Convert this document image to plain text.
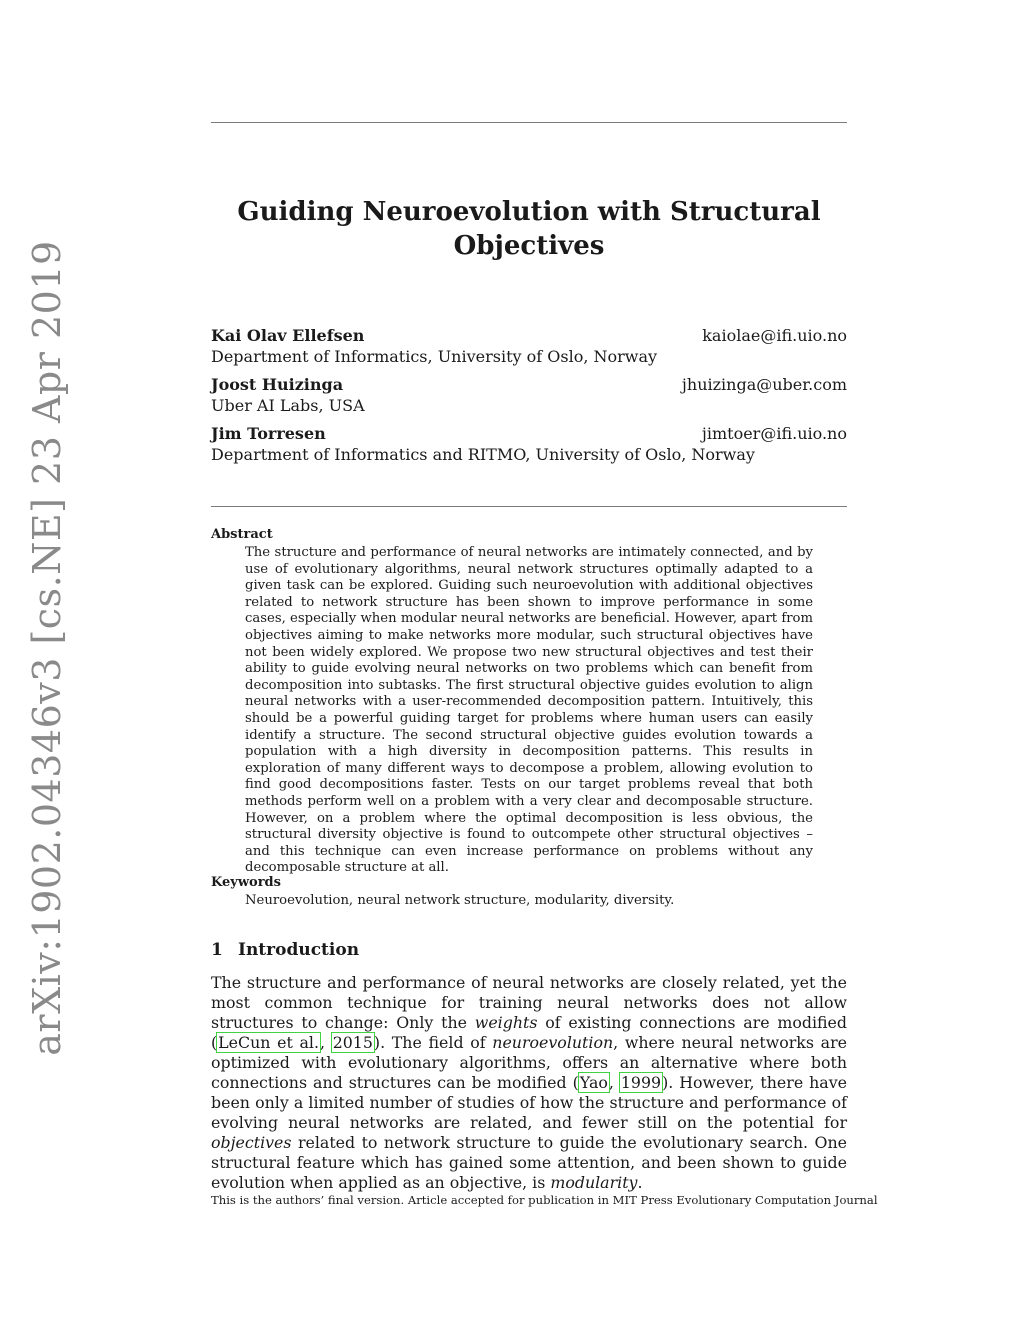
arXiv:1902.04346v3 [cs.NE] 23 Apr 2019
Guiding Neuroevolution with Structural
Objectives
Kai Olav Ellefsen	kaiolae@ifi.uio.no
Department of Informatics, University of Oslo, Norway
Joost Huizinga	jhuizinga@uber.com
Uber AI Labs, USA
Jim Torresen	jimtoer@ifi.uio.no
Department of Informatics and RITMO, University of Oslo, Norway
Abstract

The structure and performance of neural networks are intimately connected, and by use of evolutionary algorithms, neural network structures optimally adapted to a given task can be explored. Guiding such neuroevolution with additional objectives related to network structure has been shown to improve performance in some cases, especially when modular neural networks are beneficial. However, apart from objectives aiming to make networks more modular, such structural objectives have not been widely explored. We propose two new structural objectives and test their ability to guide evolving neural networks on two problems which can benefit from decomposition into subtasks. The first structural objective guides evolution to align neural networks with a user-recommended decomposition pattern. Intuitively, this should be a powerful guiding target for problems where human users can easily identify a structure. The second structural objective guides evolution towards a population with a high diversity in decomposition patterns. This results in exploration of many different ways to decompose a problem, allowing evolution to find good decompositions faster. Tests on our target problems reveal that both methods perform well on a problem with a very clear and decomposable structure. However, on a problem where the optimal decomposition is less obvious, the structural diversity objective is found to outcompete other structural objectives – and this technique can even increase performance on problems without any decomposable structure at all.

Keywords

Neuroevolution, neural network structure, modularity, diversity.

1 Introduction

The structure and performance of neural networks are closely related, yet the most common technique for training neural networks does not allow structures to change: Only the weights of existing connections are modified (LeCun et al., 2015). The field of neuroevolution, where neural networks are optimized with evolutionary algorithms, offers an alternative where both connections and structures can be modified (Yao, 1999). However, there have been only a limited number of studies of how the structure and performance of evolving neural networks are related, and fewer still on the potential for objectives related to network structure to guide the evolutionary search. One structural feature which has gained some attention, and been shown to guide evolution when applied as an objective, is modularity.

This is the authors’ final version. Article accepted for publication in MIT Press Evolutionary Computation Journal
